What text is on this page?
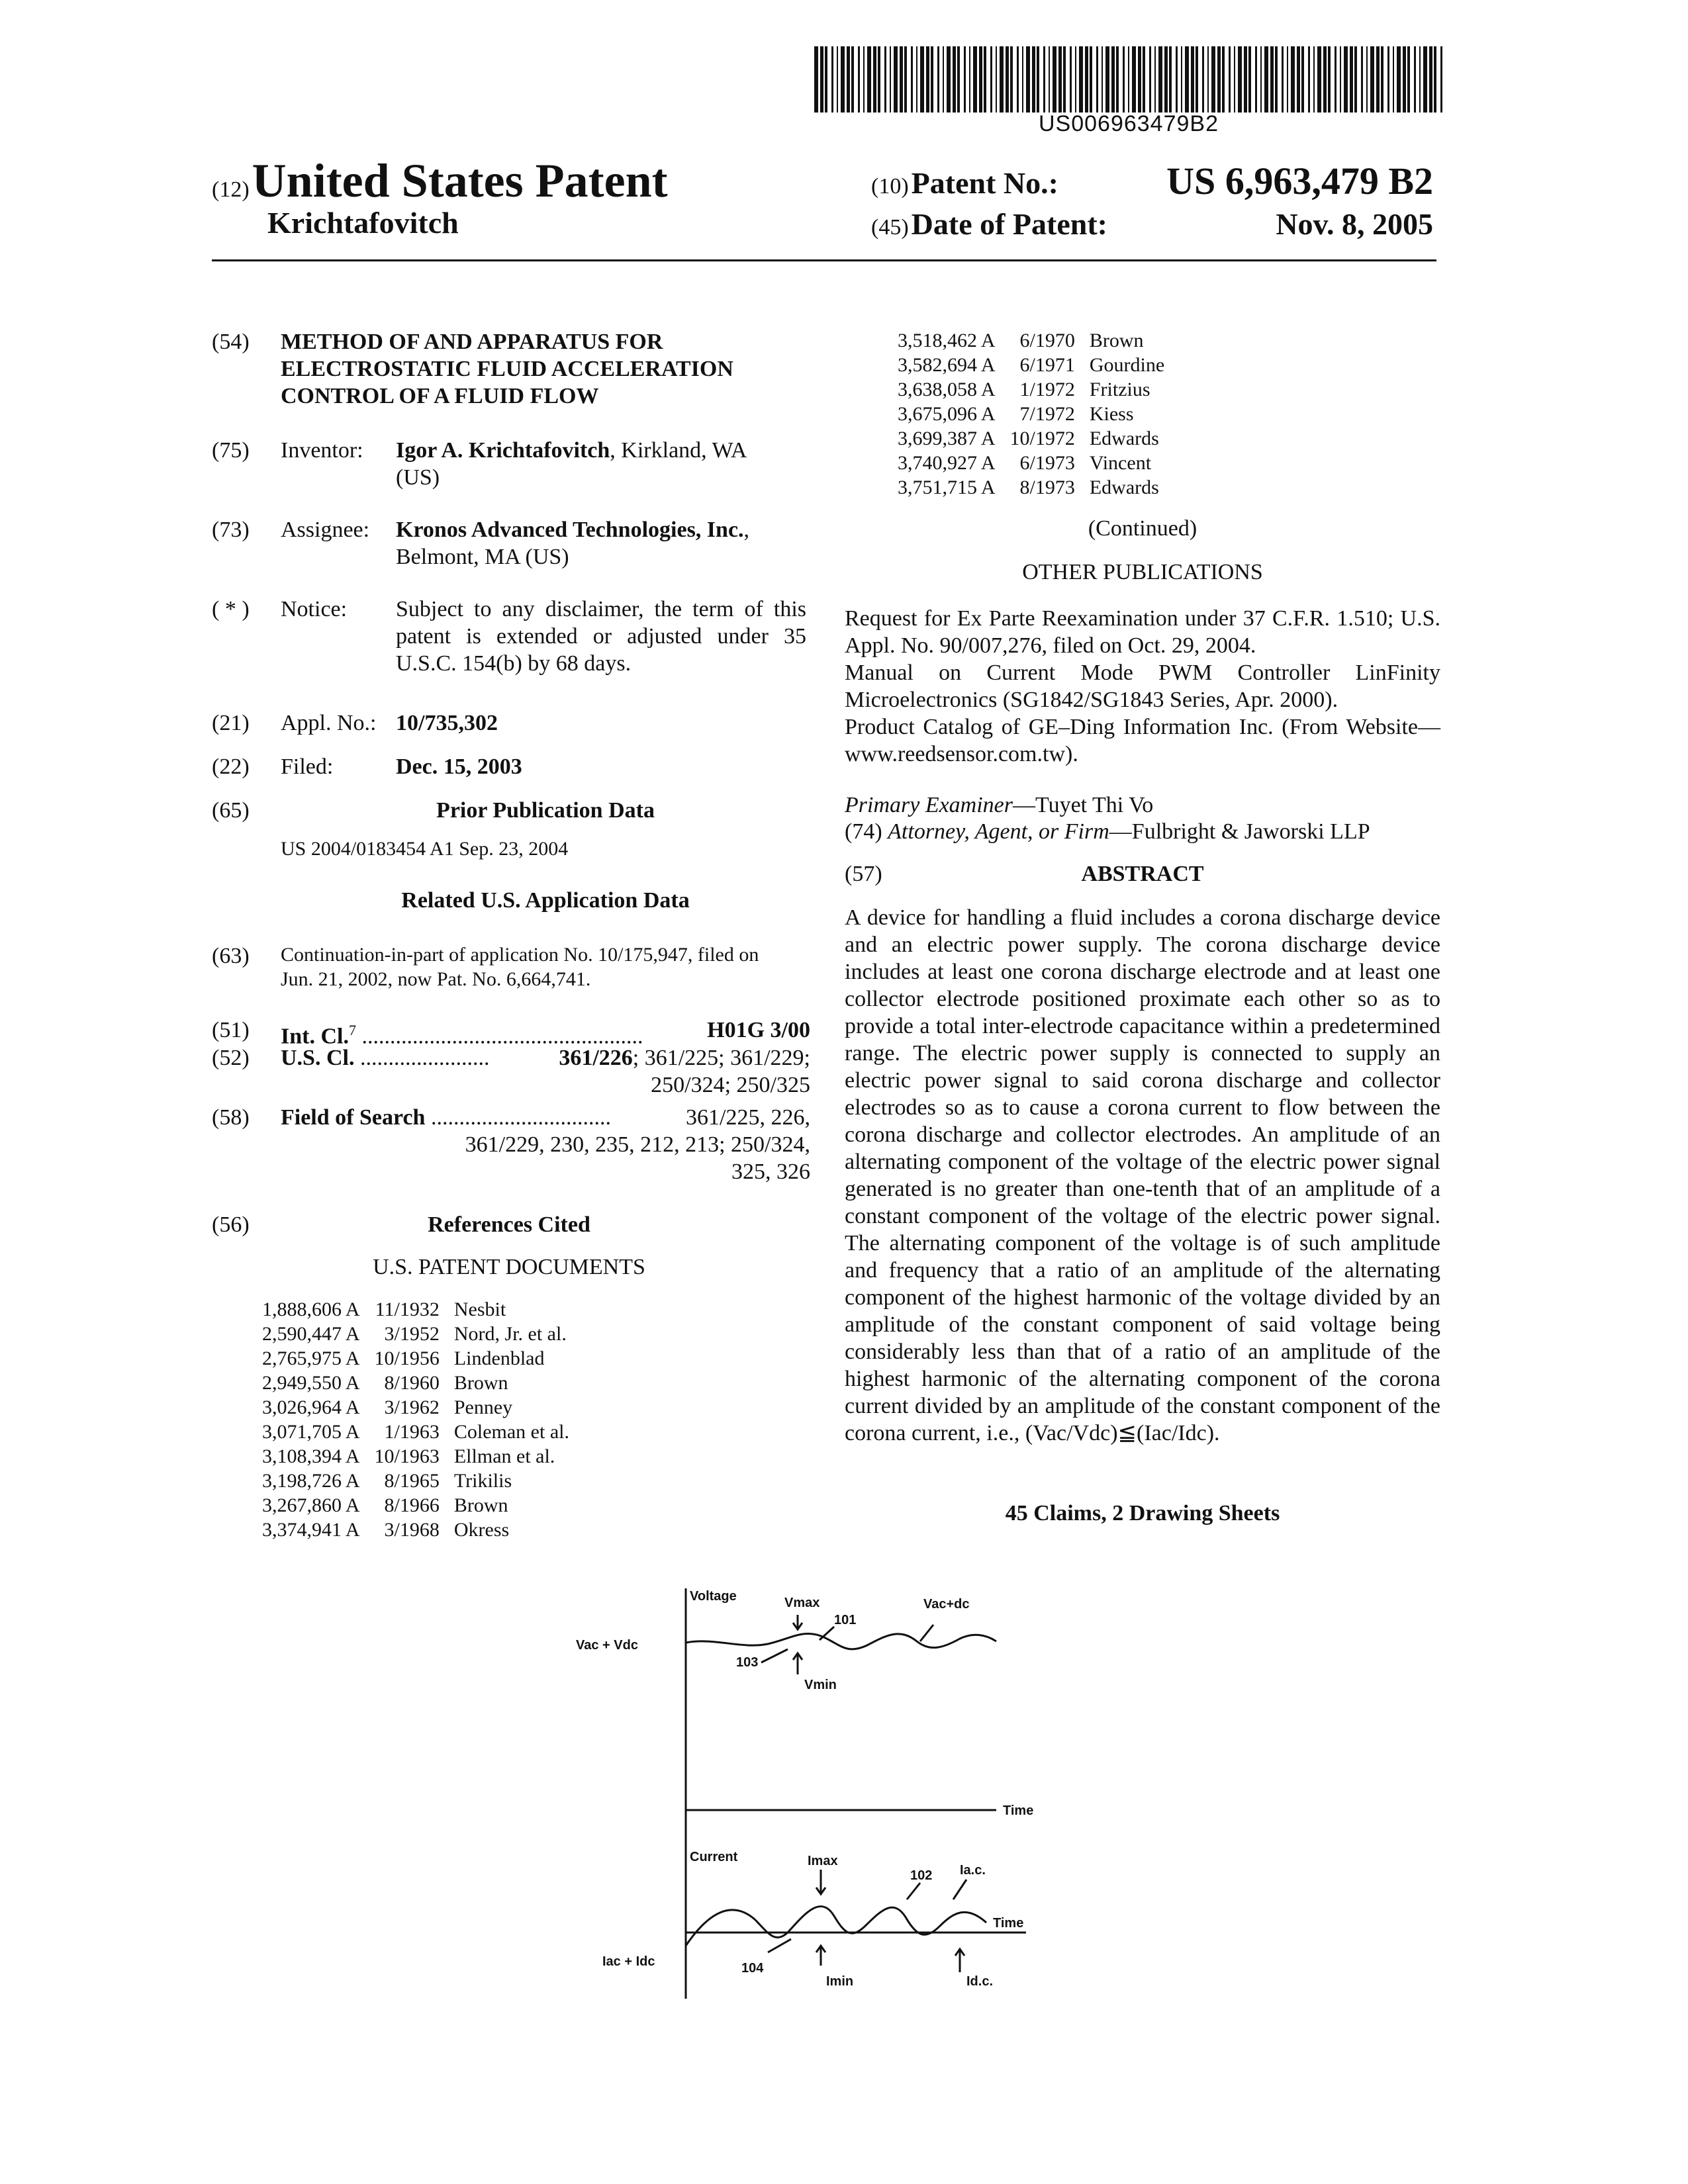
US006963479B2
(12) United States Patent
Krichtafovitch
(10) Patent No.:	US 6,963,479 B2
(45) Date of Patent:	Nov. 8, 2005
(54) METHOD OF AND APPARATUS FOR
ELECTROSTATIC FLUID ACCELERATION
CONTROL OF A FLUID FLOW
(75) Inventor: Igor A. Krichtafovitch, Kirkland, WA
(US)
(73) Assignee: Kronos Advanced Technologies, Inc.,
Belmont, MA (US)
( * ) Notice: Subject to any disclaimer, the term of this patent is extended or adjusted under 35 U.S.C. 154(b) by 68 days.
(21) Appl. No.: 10/735,302
(22) Filed:	Dec. 15, 2003
(65)	Prior Publication Data
US 2004/0183454 A1 Sep. 23, 2004
Related U.S. Application Data
(63) Continuation-in-part of application No. 10/175,947, filed on
Jun. 21, 2002, now Pat. No. 6,664,741.
(51) Int. Cl.$^7$ ..................................................	H01G 3/00
(52) U.S. Cl. .......................	361/226; 361/225; 361/229;
250/324; 250/325
(58) Field of Search ................................	361/225, 226,
361/229, 230, 235, 212, 213; 250/324,
325, 326
(56)	References Cited
U.S. PATENT DOCUMENTS
1,888,606 A	11/1932	Nesbit
2,590,447 A	3/1952	Nord, Jr. et al.
2,765,975 A	10/1956	Lindenblad
2,949,550 A	8/1960	Brown
3,026,964 A	3/1962	Penney
3,071,705 A	1/1963	Coleman et al.
3,108,394 A	10/1963	Ellman et al.
3,198,726 A	8/1965	Trikilis
3,267,860 A	8/1966	Brown
3,374,941 A	3/1968	Okress
3,518,462 A	6/1970	Brown
3,582,694 A	6/1971	Gourdine
3,638,058 A	1/1972	Fritzius
3,675,096 A	7/1972	Kiess
3,699,387 A	10/1972	Edwards
3,740,927 A	6/1973	Vincent
3,751,715 A	8/1973	Edwards
(Continued)
OTHER PUBLICATIONS
Request for Ex Parte Reexamination under 37 C.F.R. 1.510; U.S. Appl. No. 90/007,276, filed on Oct. 29, 2004.
Manual on Current Mode PWM Controller LinFinity Microelectronics (SG1842/SG1843 Series, Apr. 2000).
Product Catalog of GE–Ding Information Inc. (From Website—www.reedsensor.com.tw).
Primary Examiner—Tuyet Thi Vo
(74) Attorney, Agent, or Firm—Fulbright & Jaworski LLP
(57)	ABSTRACT
A device for handling a fluid includes a corona discharge device and an electric power supply. The corona discharge device includes at least one corona discharge electrode and at least one collector electrode positioned proximate each other so as to provide a total inter-electrode capacitance within a predetermined range. The electric power supply is connected to supply an electric power signal to said corona discharge and collector electrodes so as to cause a corona current to flow between the corona discharge and collector electrodes. An amplitude of an alternating component of the voltage of the electric power signal generated is no greater than one-tenth that of an amplitude of a constant component of the voltage of the electric power signal. The alternating component of the voltage is of such amplitude and frequency that a ratio of an amplitude of the alternating component of the highest harmonic of the voltage divided by an amplitude of the constant component of said voltage being considerably less than that of a ratio of an amplitude of the highest harmonic of the alternating component of the corona current divided by an amplitude of the constant component of the corona current, i.e., (Vac/Vdc)≦(Iac/Idc).
45 Claims, 2 Drawing Sheets
Voltage	Vmax
101
Vac+dc
Vac + Vdc
103
Vmin
Time
Current	Imax
102 Ia.c.
Time
Iac + Idc	104
Imin	Id.c.
